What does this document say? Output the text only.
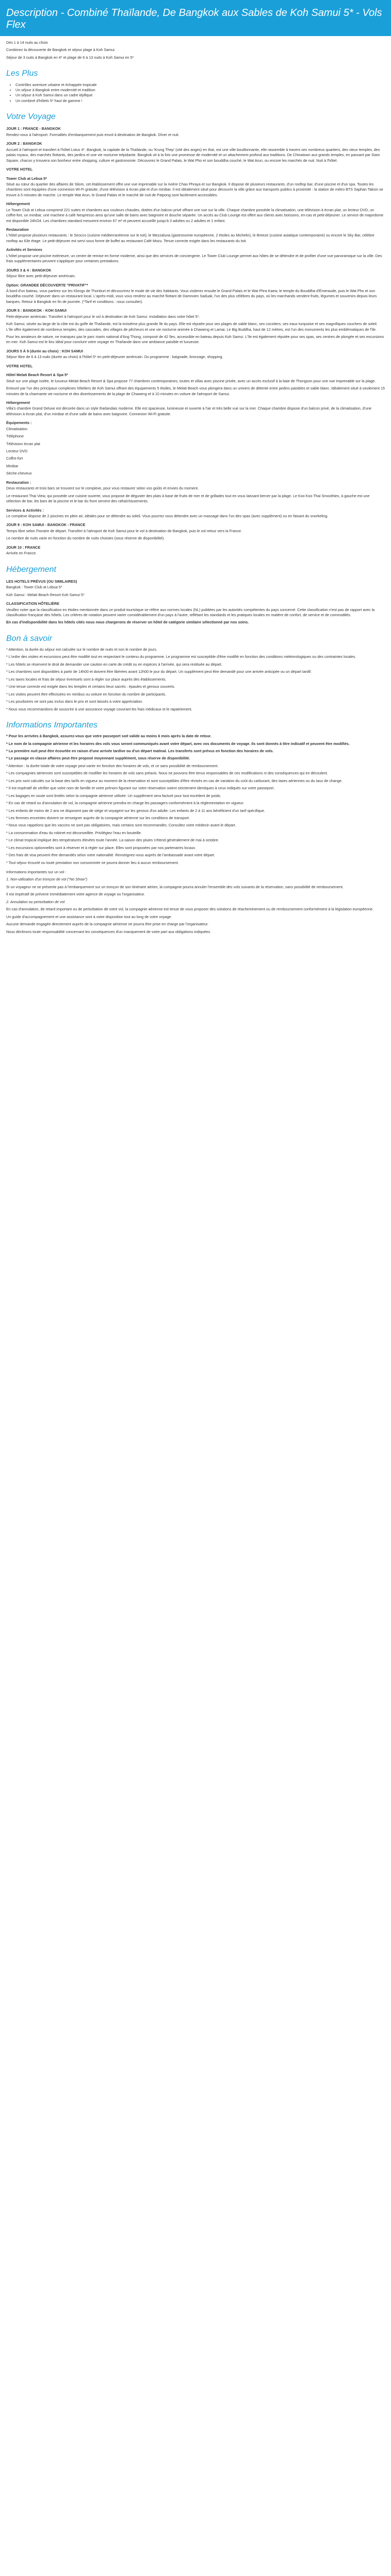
Description - Combiné Thaïlande, De Bangkok aux Sables de Koh Samui 5* - Vols Flex

Dès 1 à 14 nuits au choix

Combinez la découverte de Bangkok et séjour plage à Koh Samui.

Séjour de 3 nuits à Bangkok en 4* et plage de 6 à 13 nuits à Koh Samui en 5*

Les Plus
• Contrôlez aventure urbaine et échappée tropicale
• Un séjour à Bangkok entre modernité et tradition
• Un séjour à Koh Samui dans un cadre idyllique
• Un combiné d'hôtels 5* haut de gamme !
Votre Voyage
JOUR 1 : FRANCE - BANGKOK

Rendez-vous à l'aéroport. Formalités d'embarquement puis envol à destination de Bangkok. Dîner et nuit.

JOUR 2 : BANGKOK

Accueil à l'aéroport et transfert à l'hôtel Lotus 4*. Bangkok, la capitale de la Thaïlande, ou 'Krung Thep' (cité des anges) en thaï, est une ville bouillonnante, elle rassemble à travers ses nombreux quartiers, des vieux temples, des palais royaux, des marchés flottants, des jardins et une vie nocturne trépidante. Bangkok vit à la fois une promesse de modernité et un attachement profond aux traditions. De Chinatown aux grands temples, en passant par Siam Square, chacun y trouvera son bonheur entre shopping, culture et gastronomie. Découvrez le Grand Palais, le Wat Pho et son bouddha couché, le Wat Arun, ou encore les marchés de nuit. Nuit à l'hôtel.

VOTRE HOTEL
Tower Club at Lebua 5*

Situé au cœur du quartier des affaires de Silom, cet établissement offre une vue imprenable sur la rivière Chao Phraya et sur Bangkok. Il dispose de plusieurs restaurants, d'un rooftop bar, d'une piscine et d'un spa. Toutes les chambres sont équipées d'une connexion Wi-Fi gratuite, d'une télévision à écran plat et d'un minibar. Il est idéalement situé pour découvrir la ville grâce aux transports publics à proximité : la station de métro BTS Saphan Taksin se trouve à 5 minutes de marche. Le temple Wat Arun, le Grand Palais et le marché de nuit de Patpong sont facilement accessibles.

Hébergement

Le Tower Club at Lebua comprend 221 suites et chambres aux couleurs chaudes, dotées d'un balcon privé offrant une vue sur la ville. Chaque chambre possède la climatisation, une télévision à écran plat, un lecteur DVD, un coffre-fort, un minibar, une machine à café Nespresso ainsi qu'une salle de bains avec baignoire et douche séparée. Un accès au Club Lounge est offert aux clients avec boissons, en-cas et petit-déjeuner. Le service de majordome est disponible 24h/24. Les chambres standard mesurent environ 67 m² et peuvent accueillir jusqu'à 3 adultes ou 2 adultes et 1 enfant.

Restauration

L'hôtel propose plusieurs restaurants : le Sirocco (cuisine méditerranéenne sur le toit), le Mezzaluna (gastronomie européenne, 2 étoiles au Michelin), le Breeze (cuisine asiatique contemporaine) ou encore le Sky Bar, célèbre rooftop au 63e étage. Le petit-déjeuner est servi sous forme de buffet au restaurant Café Mozu. Tenue correcte exigée dans les restaurants du toit.

Activités et Services

L'hôtel propose une piscine extérieure, un centre de remise en forme moderne, ainsi que des services de conciergerie. Le Tower Club Lounge permet aux hôtes de se détendre et de profiter d'une vue panoramique sur la ville. Des frais supplémentaires peuvent s'appliquer pour certaines prestations.

JOURS 3 & 4 : BANGKOK

Séjour libre avec petit-déjeuner américain.

Option: GRANDEE DÉCOUVERTE "PRIVATIF"*

À bord d'un bateau, vous partirez sur les Klongs de Thonburi et découvrirez le mode de vie des habitants. Vous visiterez ensuite le Grand Palais et le Wat Phra Kaew, le temple du Bouddha d'Émeraude, puis le Wat Pho et son bouddha couché. Déjeuner dans un restaurant local. L'après-midi, vous vous rendrez au marché flottant de Damnoen Saduak, l'un des plus célèbres du pays, où les marchands vendent fruits, légumes et souvenirs depuis leurs barques. Retour à Bangkok en fin de journée. (*Tarif et conditions : nous consulter).

JOUR 5 : BANGKOK - KOH SAMUI

Petit-déjeuner américain. Transfert à l'aéroport pour le vol à destination de Koh Samui. Installation dans votre hôtel 5*.

Koh Samui, située au large de la côte est du golfe de Thaïlande, est la troisième plus grande île du pays. Elle est réputée pour ses plages de sable blanc, ses cocotiers, ses eaux turquoise et ses magnifiques couchers de soleil. L'île offre également de nombreux temples, des cascades, des villages de pêcheurs et une vie nocturne animée à Chaweng et Lamai. Le Big Buddha, haut de 12 mètres, est l'un des monuments les plus emblématiques de l'île.

Pour les amateurs de nature, ne manquez pas le parc marin national d'Ang Thong, composé de 42 îles, accessible en bateau depuis Koh Samui. L'île est également réputée pour ses spas, ses centres de plongée et ses excursions en mer. Koh Samui est le lieu idéal pour conclure votre voyage en Thaïlande dans une ambiance paisible et luxueuse.

JOURS 5 À 9 (durée au choix) : KOH SAMUI

Séjour libre de 6 à 13 nuits (durée au choix) à l'hôtel 5* en petit-déjeuner américain. Du programme : baignade, bronzage, shopping.

VOTRE HOTEL
Hôtel Melati Beach Resort & Spa 5*

Situé sur une plage isolée, le luxueux Melati Beach Resort & Spa propose 77 chambres contemporaines, toutes et villas avec piscine privée, avec un accès exclusif à la baie de Thongson pour une vue imprenable sur la plage.

Entouré par l'un des principaux complexes hôteliers de Koh Samui offrant des équipements 5 étoiles, le Melati Beach vous plongera dans un univers de détente entre jardins paisibles et sable blanc. Idéalement situé à seulement 15 minutes de la charmante vie nocturne et des divertissements de la plage de Chaweng et à 10 minutes en voiture de l'aéroport de Samui.

Hébergement

Villa's chambre Grand Deluxe est décorée dans un style thaïlandais moderne. Elle est spacieuse, lumineuse et ouverte à l'air et très belle vue sur la mer. Chaque chambre dispose d'un balcon privé, de la climatisation, d'une télévision à écran plat, d'un minibar et d'une salle de bains avec baignoire. Connexion Wi-Fi gratuite.

Équipements :

Climatisation

Téléphone

Télévision écran plat

Lecteur DVD

Coffre-fort

Minibar

Sèche-cheveux

Restauration :

Deux restaurants et trois bars se trouvent sur le complexe, pour vous restaurer selon vos goûts et envies du moment.

Le restaurant Thai View, qui possède une cuisine ouverte, vous propose de déguster des plats à base de fruits de mer et de grillades tout en vous laissant bercer par la plage. Le Koo Koo Thai Smoothies, à gauche est une sélection de bar, les bars de la piscine et le bar du front servent des rafraîchissements.

Services & Activités :

Le complexe dispose de 2 piscines en plein air, idéales pour se détendre au soleil. Vous pourrez vous détendre avec un massage dans l'un des spas (avec supplément) ou en faisant du snorkeling.

JOUR 9 : KOH SAMUI - BANGKOK - FRANCE

Temps libre selon l'horaire de départ. Transfert à l'aéroport de Koh Samui pour le vol à destination de Bangkok, puis le vol retour vers la France.

Le nombre de nuits varie en fonction du nombre de nuits choisies (sous réserve de disponibilité).

JOUR 10 : FRANCE

Arrivée en France.

Hébergement
LES HOTELS PRÉVUS (OU SIMILAIRES)

Bangkok : Tower Club at Lebua 5*

Koh Samui : Melati Beach Resort Koh Samui 5*

CLASSIFICATION HÔTELIÈRE

Veuillez noter que la classification en étoiles mentionnée dans ce produit touristique se réfère aux normes locales (NL) publiées par les autorités compétentes du pays concerné. Cette classification n'est pas de rapport avec la classification française des hôtels. Les critères de notation peuvent varier considérablement d'un pays à l'autre, reflétant les standards et les pratiques locales en matière de confort, de service et de commodités.

En cas d'indisponibilité dans les hôtels cités nous nous chargerons de réserver un hôtel de catégorie similaire sélectionné par nos soins.

Bon à savoir

* Attention, la durée du séjour est calculée sur le nombre de nuits et non le nombre de jours.

* L'ordre des visites et excursions peut être modifié tout en respectant le contenu du programme. Le programme est susceptible d'être modifié en fonction des conditions météorologiques ou des contraintes locales.

* Les hôtels se réservent le droit de demander une caution en carte de crédit ou en espèces à l'arrivée, qui sera restituée au départ.

* Les chambres sont disponibles à partir de 14h00 et doivent être libérées avant 12h00 le jour du départ. Un supplément peut être demandé pour une arrivée anticipée ou un départ tardif.

* Les taxes locales et frais de séjour éventuels sont à régler sur place auprès des établissements.

* Une tenue correcte est exigée dans les temples et certains lieux sacrés : épaules et genoux couverts.

* Les visites peuvent être effectuées en minibus ou voiture en fonction du nombre de participants.

* Les pourboires ne sont pas inclus dans le prix et sont laissés à votre appréciation.

* Nous vous recommandons de souscrire à une assurance voyage couvrant les frais médicaux et le rapatriement.

Informations Importantes

* Pour les arrivées à Bangkok, assurez-vous que votre passeport soit valide au moins 6 mois après la date de retour.

* Le nom de la compagnie aérienne et les horaires des vols vous seront communiqués avant votre départ, avec vos documents de voyage. Ils sont donnés à titre indicatif et peuvent être modifiés.

* La première nuit peut être écourtée en raison d'une arrivée tardive ou d'un départ matinal. Les transferts sont prévus en fonction des horaires de vols.

* Le passage en classe affaires peut être proposé moyennant supplément, sous réserve de disponibilité.

* Attention : la durée totale de votre voyage peut varier en fonction des horaires de vols, et ce sans possibilité de remboursement.

* Les compagnies aériennes sont susceptibles de modifier les horaires de vols sans préavis. Nous ne pouvons être tenus responsables de ces modifications ni des conséquences qui en découlent.

* Les prix sont calculés sur la base des tarifs en vigueur au moment de la réservation et sont susceptibles d'être révisés en cas de variation du coût du carburant, des taxes aériennes ou du taux de change.

* Il est impératif de vérifier que votre nom de famille et votre prénom figurant sur votre réservation soient strictement identiques à ceux indiqués sur votre passeport.

* Les bagages en soute sont limités selon la compagnie aérienne utilisée. Un supplément sera facturé pour tout excédent de poids.

* En cas de retard ou d'annulation de vol, la compagnie aérienne prendra en charge les passagers conformément à la réglementation en vigueur.

* Les enfants de moins de 2 ans ne disposent pas de siège et voyagent sur les genoux d'un adulte. Les enfants de 2 à 11 ans bénéficient d'un tarif spécifique.

* Les femmes enceintes doivent se renseigner auprès de la compagnie aérienne sur les conditions de transport.

* Nous vous rappelons que les vaccins ne sont pas obligatoires, mais certains sont recommandés. Consultez votre médecin avant le départ.

* La consommation d'eau du robinet est déconseillée. Privilégiez l'eau en bouteille.

* Le climat tropical implique des températures élevées toute l'année. La saison des pluies s'étend généralement de mai à octobre.

* Les excursions optionnelles sont à réserver et à régler sur place. Elles sont proposées par nos partenaires locaux.

* Des frais de visa peuvent être demandés selon votre nationalité. Renseignez-vous auprès de l'ambassade avant votre départ.

* Tout séjour écourté ou toute prestation non consommée ne pourra donner lieu à aucun remboursement.

Informations importantes sur un vol :

1. Non-utilisation d'un tronçon de vol ("No Show")

Si un voyageur ne se présente pas à l'embarquement sur un tronçon de son itinéraire aérien, la compagnie pourra annuler l'ensemble des vols suivants de la réservation, sans possibilité de remboursement.

Il est impératif de prévenir immédiatement votre agence de voyage ou l'organisateur.

2. Annulation ou perturbation de vol

En cas d'annulation, de retard important ou de perturbation de votre vol, la compagnie aérienne est tenue de vous proposer des solutions de réacheminement ou de remboursement conformément à la législation européenne.

Un guide d'accompagnement et une assistance sont à votre disposition tout au long de votre voyage.

Aucune demande engagée directement auprès de la compagnie aérienne ne pourra être prise en charge par l'organisateur.

Nous déclinons toute responsabilité concernant les conséquences d'un manquement de votre part aux obligations indiquées.
